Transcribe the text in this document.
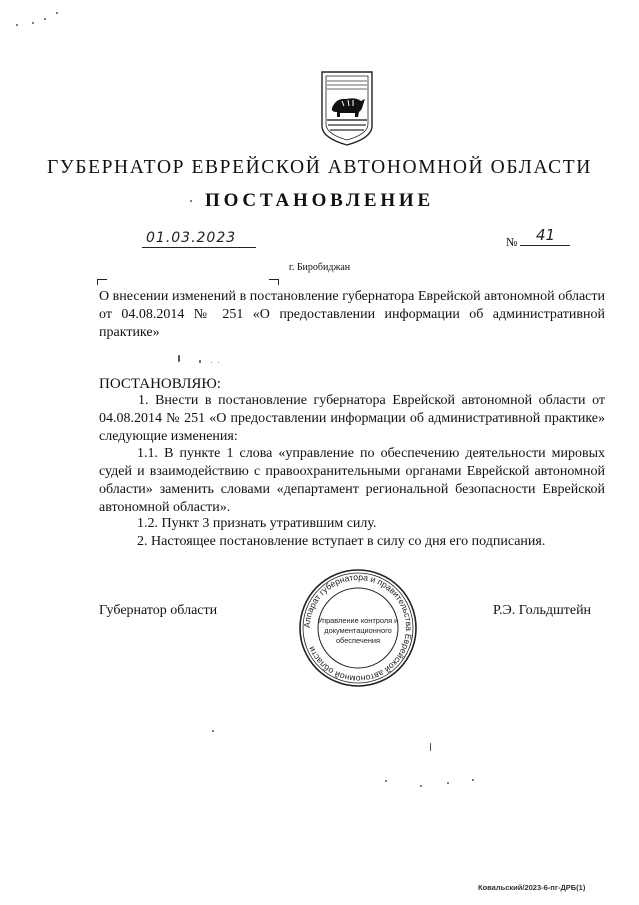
ГУБЕРНАТОР ЕВРЕЙСКОЙ АВТОНОМНОЙ ОБЛАСТИ
ПОСТАНОВЛЕНИЕ
01.03.2023	№ 41
г. Биробиджан
О внесении изменений в постановление губернатора Еврейской автономной области от 04.08.2014 № 251 «О предоставлении информации об административной практике»
ПОСТАНОВЛЯЮ:
1. Внести в постановление губернатора Еврейской автономной области от 04.08.2014 № 251 «О предоставлении информации об административной практике» следующие изменения:
1.1. В пункте 1 слова «управление по обеспечению деятельности мировых судей и взаимодействию с правоохранительными органами Еврейской автономной области» заменить словами «департамент региональной безопасности Еврейской автономной области».
1.2. Пункт 3 признать утратившим силу.
2. Настоящее постановление вступает в силу со дня его подписания.
Губернатор области	Р.Э. Гольдштейн
Аппарат губернатора и правительства Еврейской автономной области
Управление контроля и
документационного
обеспечения
Ковальский/2023-6-пг-ДРБ(1)
